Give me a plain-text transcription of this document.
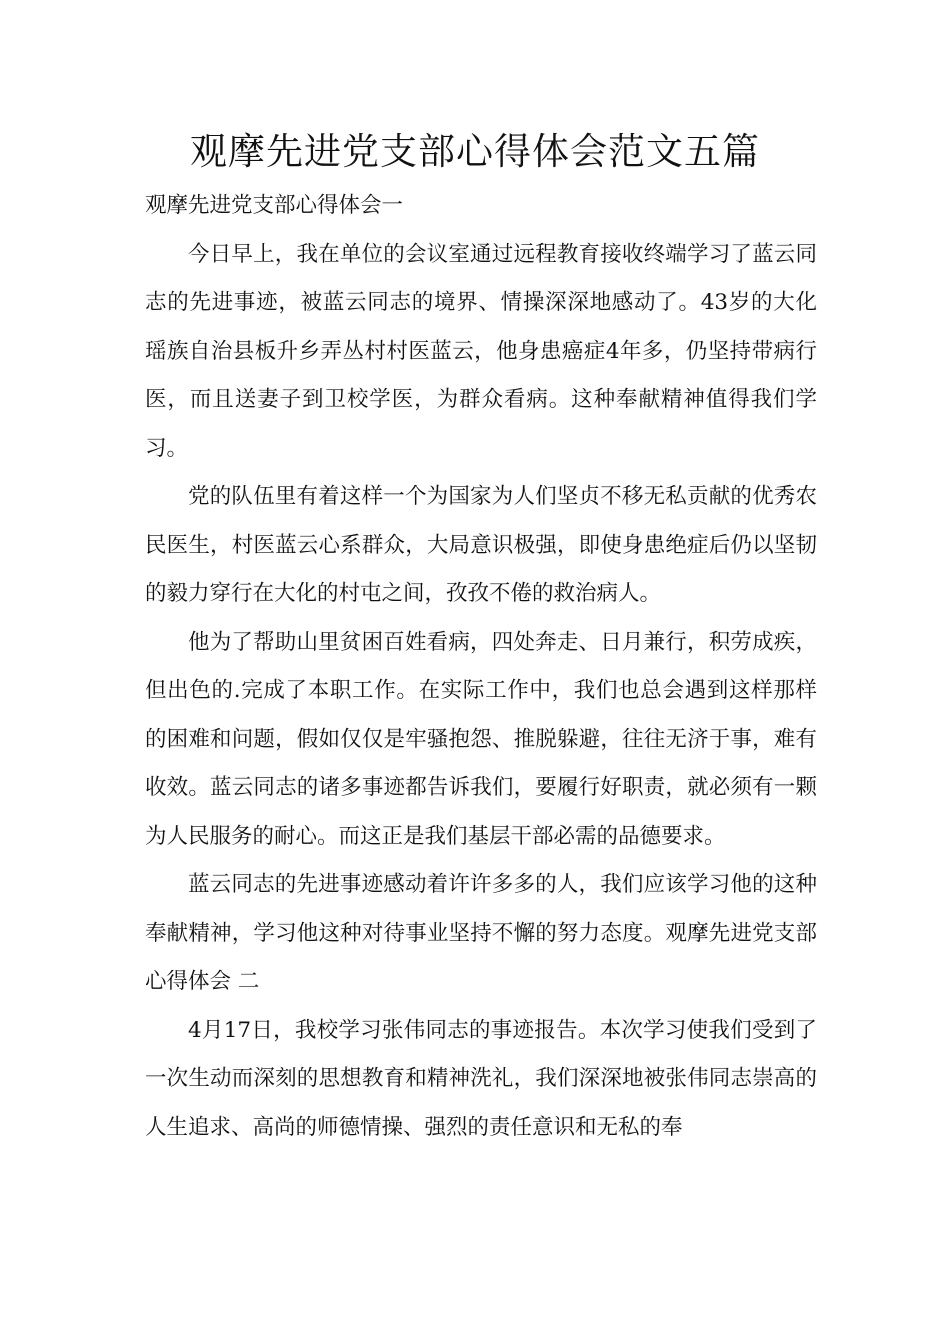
观摩先进党支部心得体会范文五篇

观摩先进党支部心得体会一

今日早上，我在单位的会议室通过远程教育接收终端学习了蓝云同志的先进事迹，被蓝云同志的境界、情操深深地感动了。43岁的大化瑶族自治县板升乡弄丛村村医蓝云，他身患癌症4年多，仍坚持带病行医，而且送妻子到卫校学医，为群众看病。这种奉献精神值得我们学习。

党的队伍里有着这样一个为国家为人们坚贞不移无私贡献的优秀农民医生，村医蓝云心系群众，大局意识极强，即使身患绝症后仍以坚韧的毅力穿行在大化的村屯之间，孜孜不倦的救治病人。

他为了帮助山里贫困百姓看病，四处奔走、日月兼行，积劳成疾，但出色的.完成了本职工作。在实际工作中，我们也总会遇到这样那样的困难和问题，假如仅仅是牢骚抱怨、推脱躲避，往往无济于事，难有收效。蓝云同志的诸多事迹都告诉我们，要履行好职责，就必须有一颗为人民服务的耐心。而这正是我们基层干部必需的品德要求。

蓝云同志的先进事迹感动着许许多多的人，我们应该学习他的这种奉献精神，学习他这种对待事业坚持不懈的努力态度。观摩先进党支部心得体会 二

4月17日，我校学习张伟同志的事迹报告。本次学习使我们受到了一次生动而深刻的思想教育和精神洗礼，我们深深地被张伟同志崇高的人生追求、高尚的师德情操、强烈的责任意识和无私的奉
